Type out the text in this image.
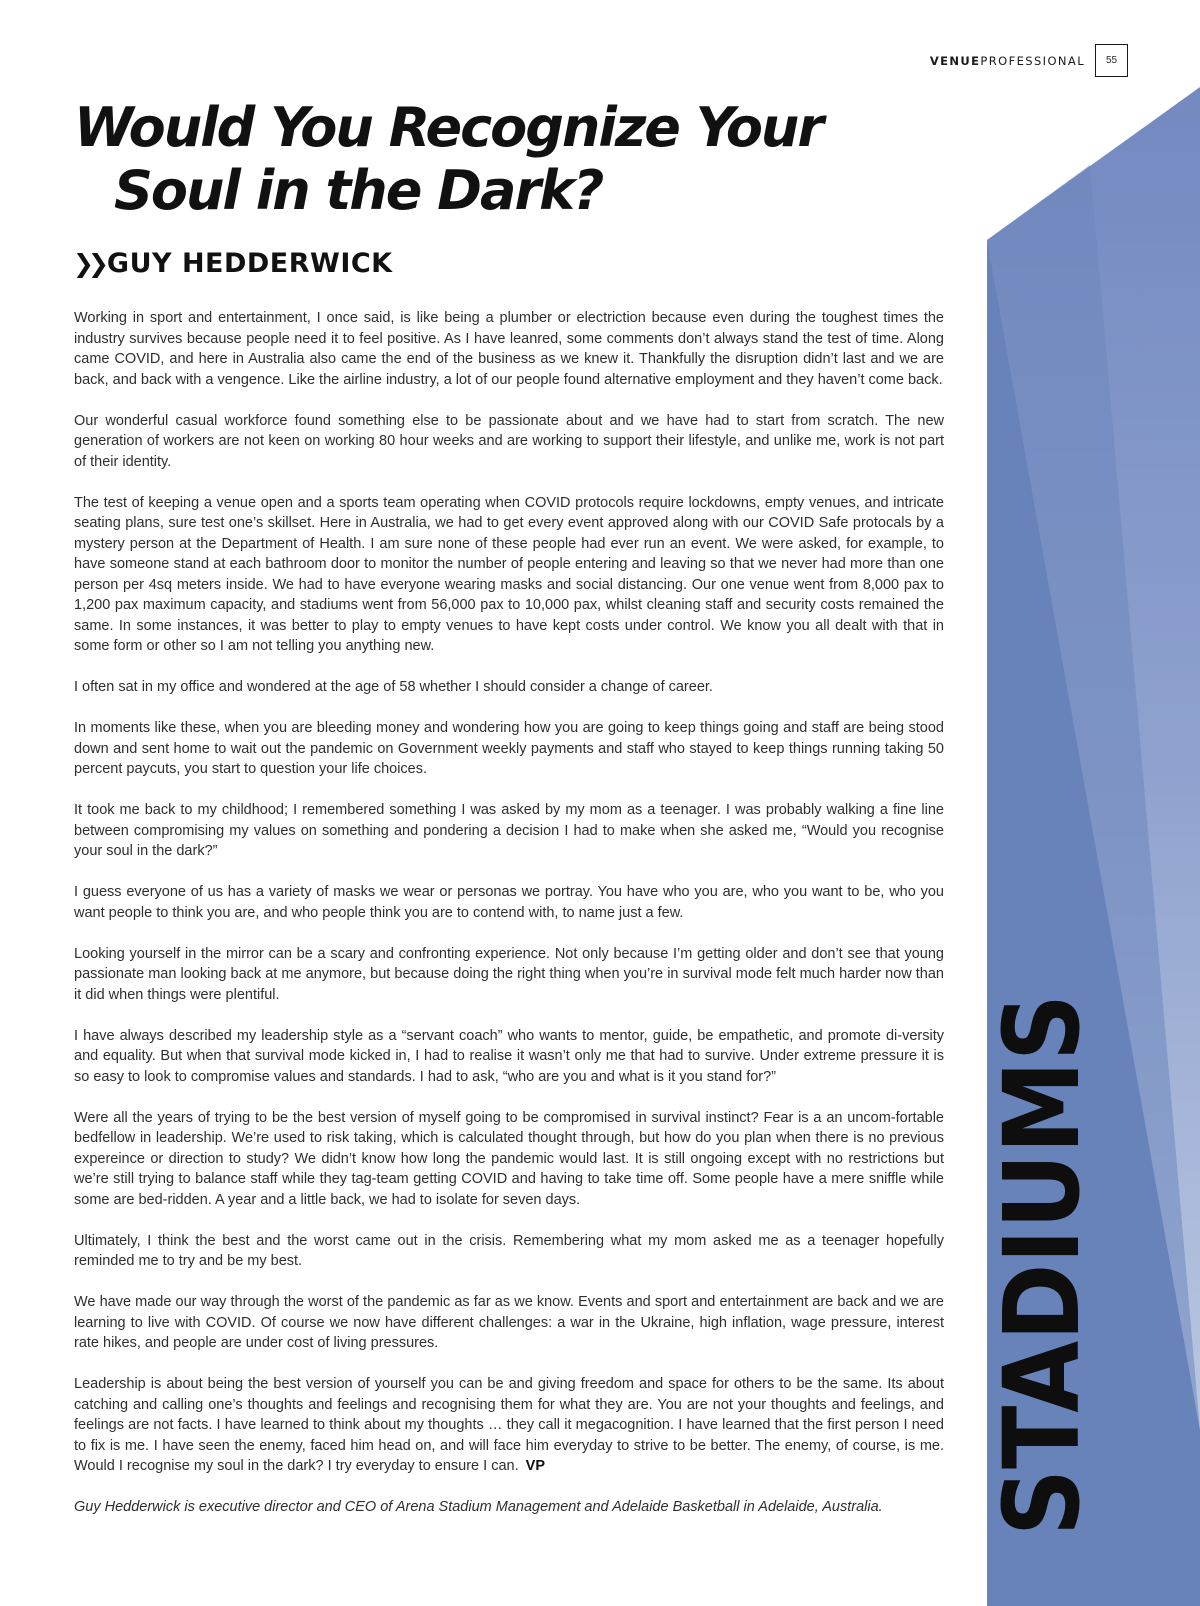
STADIUMS
VENUEPROFESSIONAL	55
Would You Recognize Your
Soul in the Dark?
❯❯ GUY HEDDERWICK

Working in sport and entertainment, I once said, is like being a plumber or electriction because even during the toughest times the industry survives because people need it to feel positive. As I have leanred, some comments don’t always stand the test of time. Along came COVID, and here in Australia also came the end of the business as we knew it. Thankfully the disruption didn’t last and we are back, and back with a vengence. Like the airline industry, a lot of our people found alternative employment and they haven’t come back.

Our wonderful casual workforce found something else to be passionate about and we have had to start from scratch. The new generation of workers are not keen on working 80 hour weeks and are working to support their lifestyle, and unlike me, work is not part of their identity.

The test of keeping a venue open and a sports team operating when COVID protocols require lockdowns, empty venues, and intricate seating plans, sure test one’s skillset. Here in Australia, we had to get every event approved along with our COVID Safe protocals by a mystery person at the Department of Health. I am sure none of these people had ever run an event. We were asked, for example, to have someone stand at each bathroom door to monitor the number of people entering and leaving so that we never had more than one person per 4sq meters inside. We had to have everyone wearing masks and social distancing. Our one venue went from 8,000 pax to 1,200 pax maximum capacity, and stadiums went from 56,000 pax to 10,000 pax, whilst cleaning staff and security costs remained the same. In some instances, it was better to play to empty venues to have kept costs under control. We know you all dealt with that in some form or other so I am not telling you anything new.

I often sat in my office and wondered at the age of 58 whether I should consider a change of career.

In moments like these, when you are bleeding money and wondering how you are going to keep things going and staff are being stood down and sent home to wait out the pandemic on Government weekly payments and staff who stayed to keep things running taking 50 percent paycuts, you start to question your life choices.

It took me back to my childhood; I remembered something I was asked by my mom as a teenager. I was probably walking a fine line between compromising my values on something and pondering a decision I had to make when she asked me, “Would you recognise your soul in the dark?”

I guess everyone of us has a variety of masks we wear or personas we portray. You have who you are, who you want to be, who you want people to think you are, and who people think you are to contend with, to name just a few.

Looking yourself in the mirror can be a scary and confronting experience. Not only because I’m getting older and don’t see that young passionate man looking back at me anymore, but because doing the right thing when you’re in survival mode felt much harder now than it did when things were plentiful.

I have always described my leadership style as a “servant coach” who wants to mentor, guide, be empathetic, and promote di-versity and equality. But when that survival mode kicked in, I had to realise it wasn’t only me that had to survive. Under extreme pressure it is so easy to look to compromise values and standards. I had to ask, “who are you and what is it you stand for?”

Were all the years of trying to be the best version of myself going to be compromised in survival instinct? Fear is a an uncom-fortable bedfellow in leadership. We’re used to risk taking, which is calculated thought through, but how do you plan when there is no previous expereince or direction to study? We didn’t know how long the pandemic would last. It is still ongoing except with no restrictions but we’re still trying to balance staff while they tag-team getting COVID and having to take time off. Some people have a mere sniffle while some are bed-ridden. A year and a little back, we had to isolate for seven days.

Ultimately, I think the best and the worst came out in the crisis. Remembering what my mom asked me as a teenager hopefully reminded me to try and be my best.

We have made our way through the worst of the pandemic as far as we know. Events and sport and entertainment are back and we are learning to live with COVID. Of course we now have different challenges: a war in the Ukraine, high inflation, wage pressure, interest rate hikes, and people are under cost of living pressures.

Leadership is about being the best version of yourself you can be and giving freedom and space for others to be the same. Its about catching and calling one’s thoughts and feelings and recognising them for what they are. You are not your thoughts and feelings, and feelings are not facts. I have learned to think about my thoughts … they call it megacognition. I have learned that the first person I need to fix is me. I have seen the enemy, faced him head on, and will face him everyday to strive to be better. The enemy, of course, is me. Would I recognise my soul in the dark? I try everyday to ensure I can. VP

Guy Hedderwick is executive director and CEO of Arena Stadium Management and Adelaide Basketball in Adelaide, Australia.
